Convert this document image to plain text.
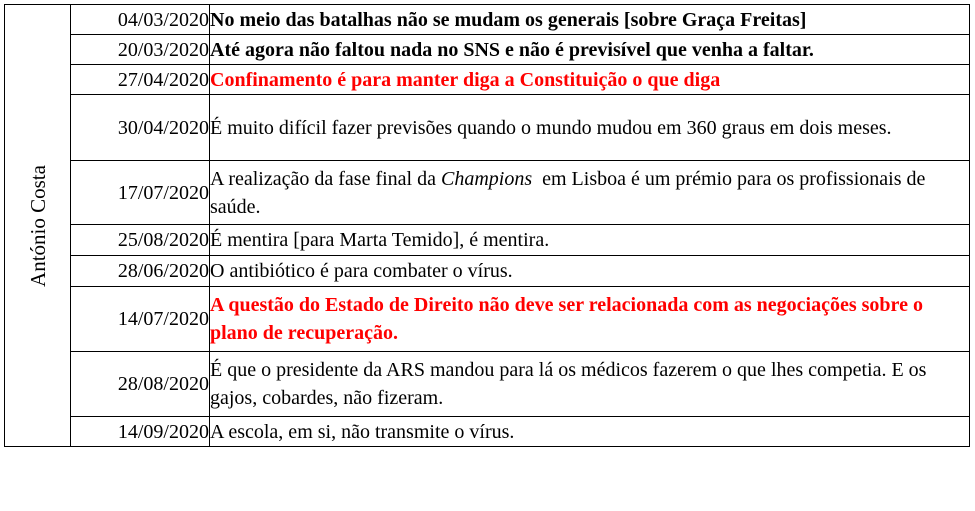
António Costa	04/03/2020	No meio das batalhas não se mudam os generais [sobre Graça Freitas]
	20/03/2020	Até agora não faltou nada no SNS e não é previsível que venha a faltar.
	27/04/2020	Confinamento é para manter diga a Constituição o que diga
	30/04/2020	É muito difícil fazer previsões quando o mundo mudou em 360 graus em dois meses.
	17/07/2020	A realização da fase final da Champions  em Lisboa é um prémio para os profissionais de saúde.
	25/08/2020	É mentira [para Marta Temido], é mentira.
	28/06/2020	O antibiótico é para combater o vírus.
	14/07/2020	A questão do Estado de Direito não deve ser relacionada com as negociações sobre o plano de recuperação.
	28/08/2020	É que o presidente da ARS mandou para lá os médicos fazerem o que lhes competia. E os gajos, cobardes, não fizeram.
	14/09/2020	A escola, em si, não transmite o vírus.
